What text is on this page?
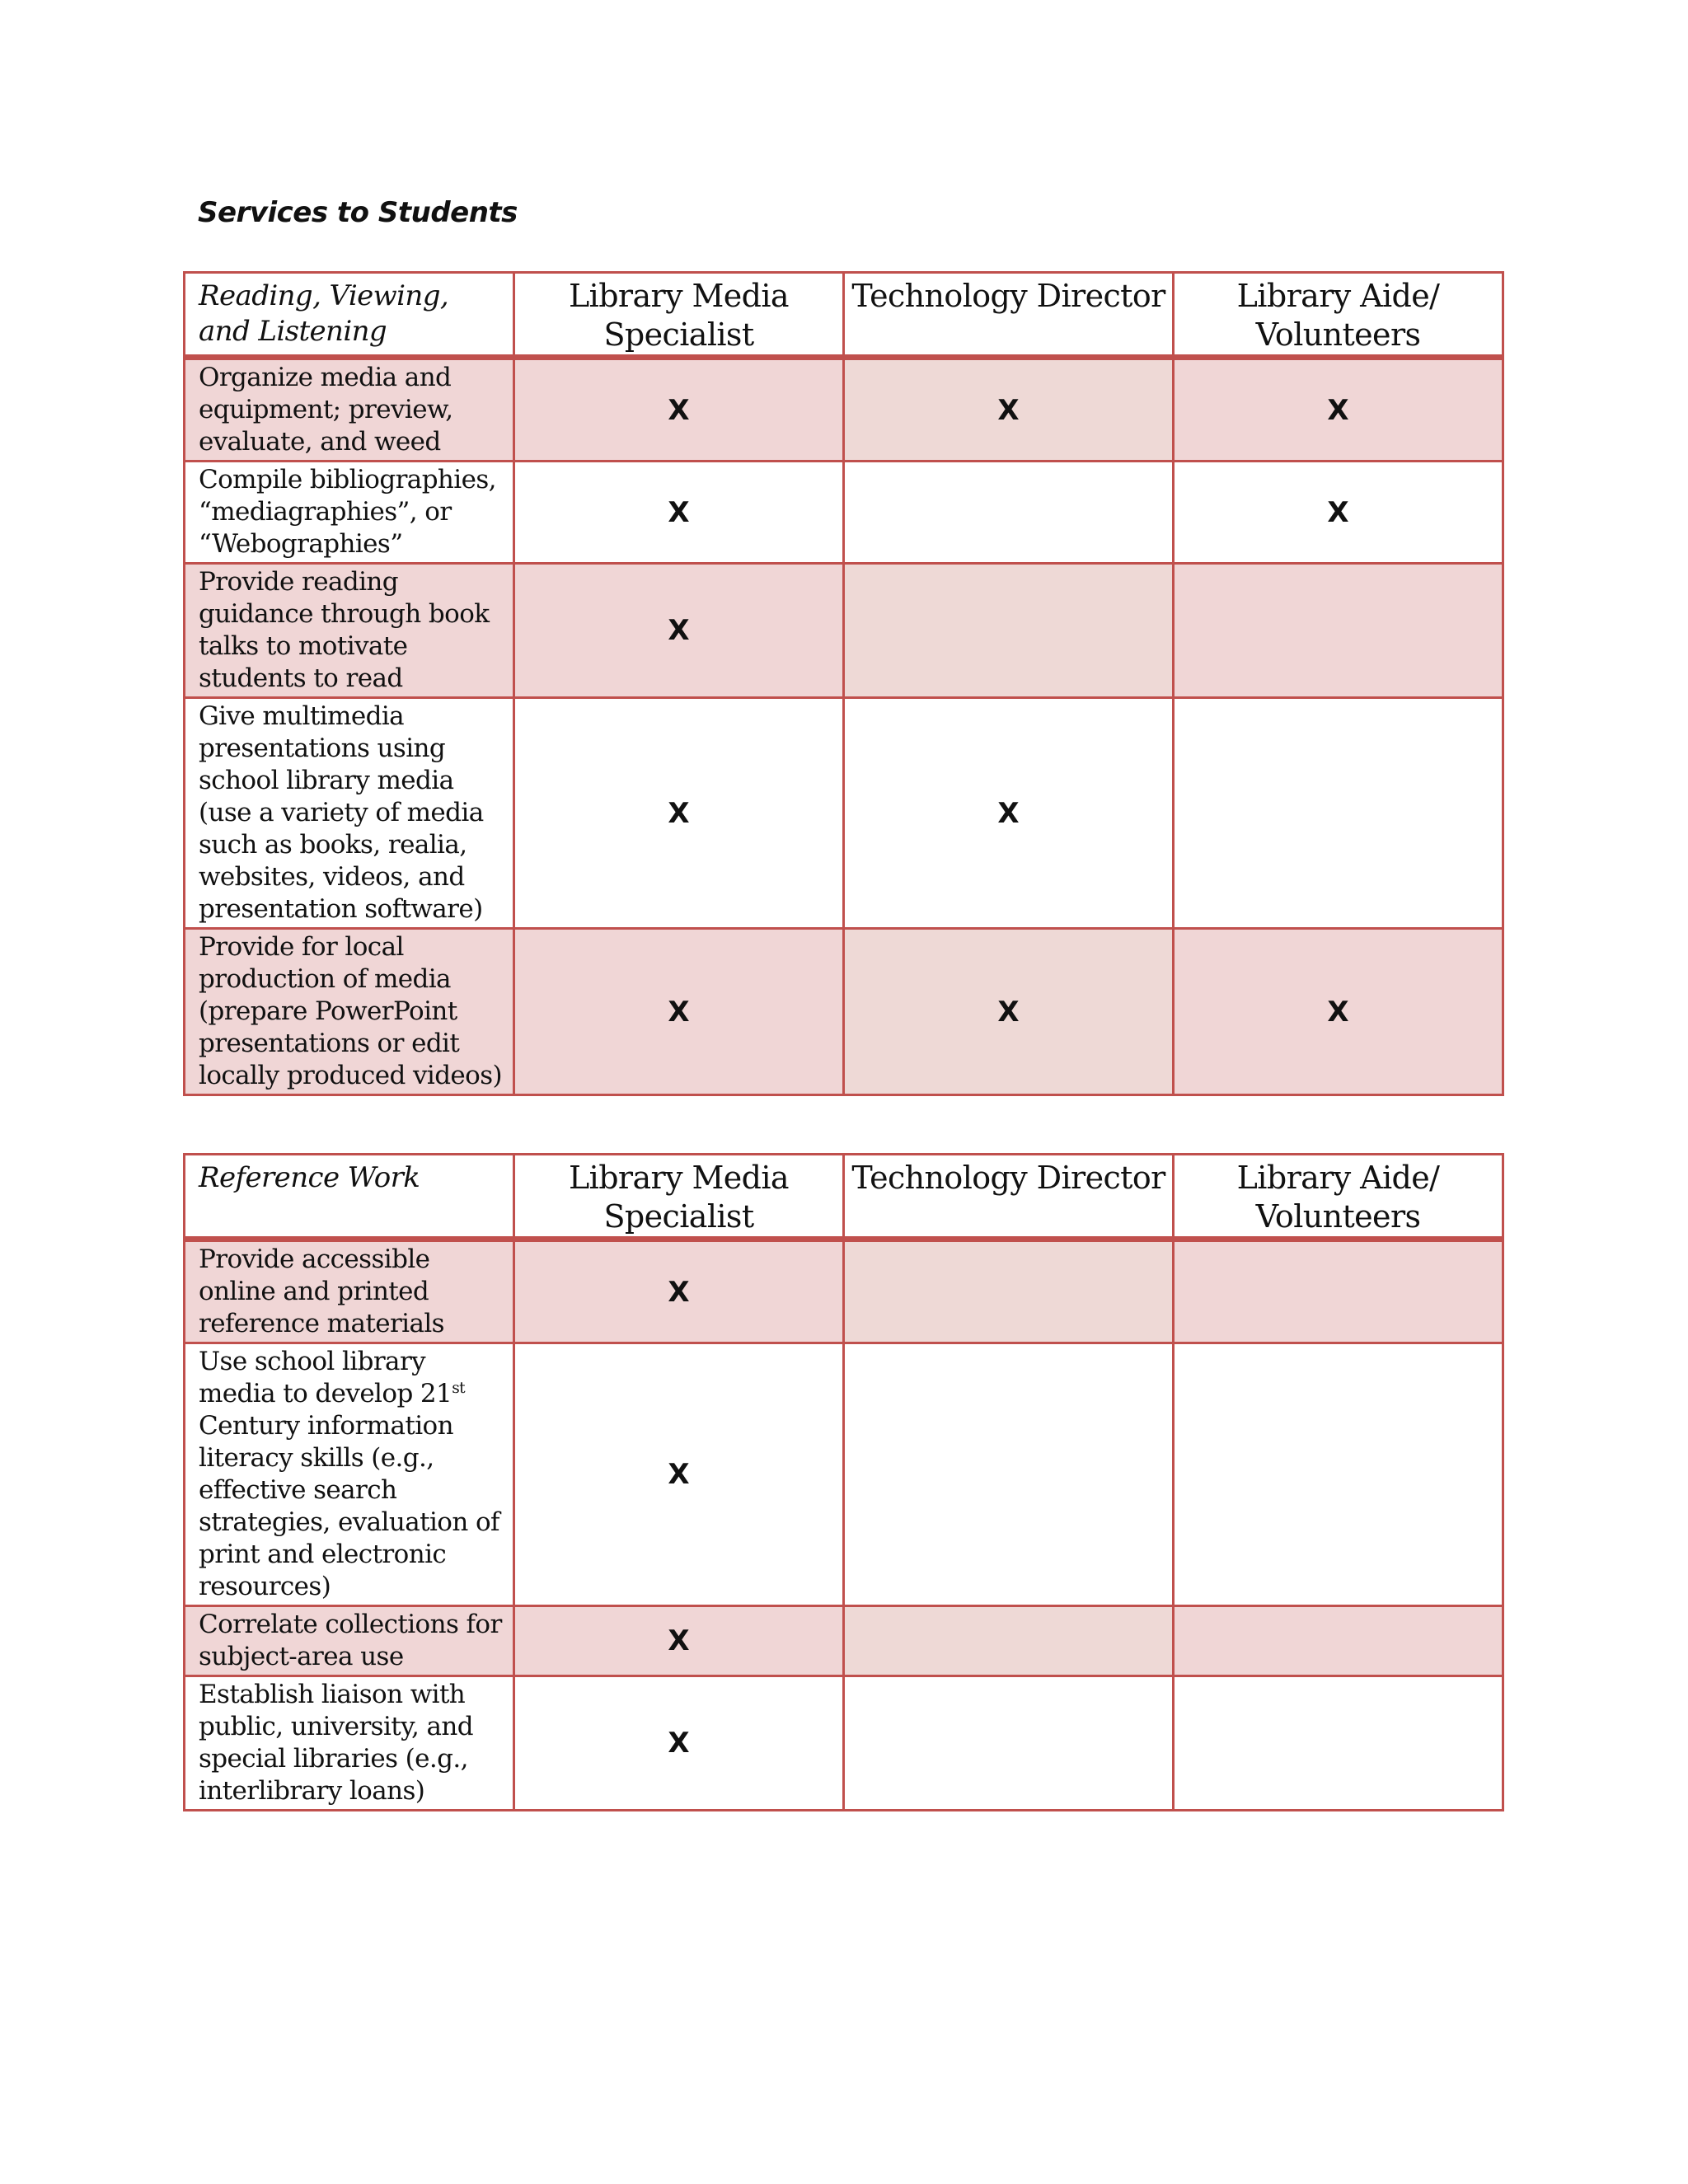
Services to Students
Reading, Viewing, and Listening	Library Media Specialist	Technology Director	Library Aide/ Volunteers
Organize media and equipment; preview, evaluate, and weed	X	X	X
Compile bibliographies, “mediagraphies”, or “Webographies”	X		X
Provide reading guidance through book talks to motivate students to read	X		
Give multimedia presentations using school library media (use a variety of media such as books, realia, websites, videos, and presentation software)	X	X	
Provide for local production of media (prepare PowerPoint presentations or edit locally produced videos)	X	X	X
Reference Work	Library Media Specialist	Technology Director	Library Aide/ Volunteers
Provide accessible online and printed reference materials	X		
Use school library media to develop 21st Century information literacy skills (e.g., effective search strategies, evaluation of print and electronic resources)	X		
Correlate collections for subject-area use	X		
Establish liaison with public, university, and special libraries (e.g., interlibrary loans)	X		
